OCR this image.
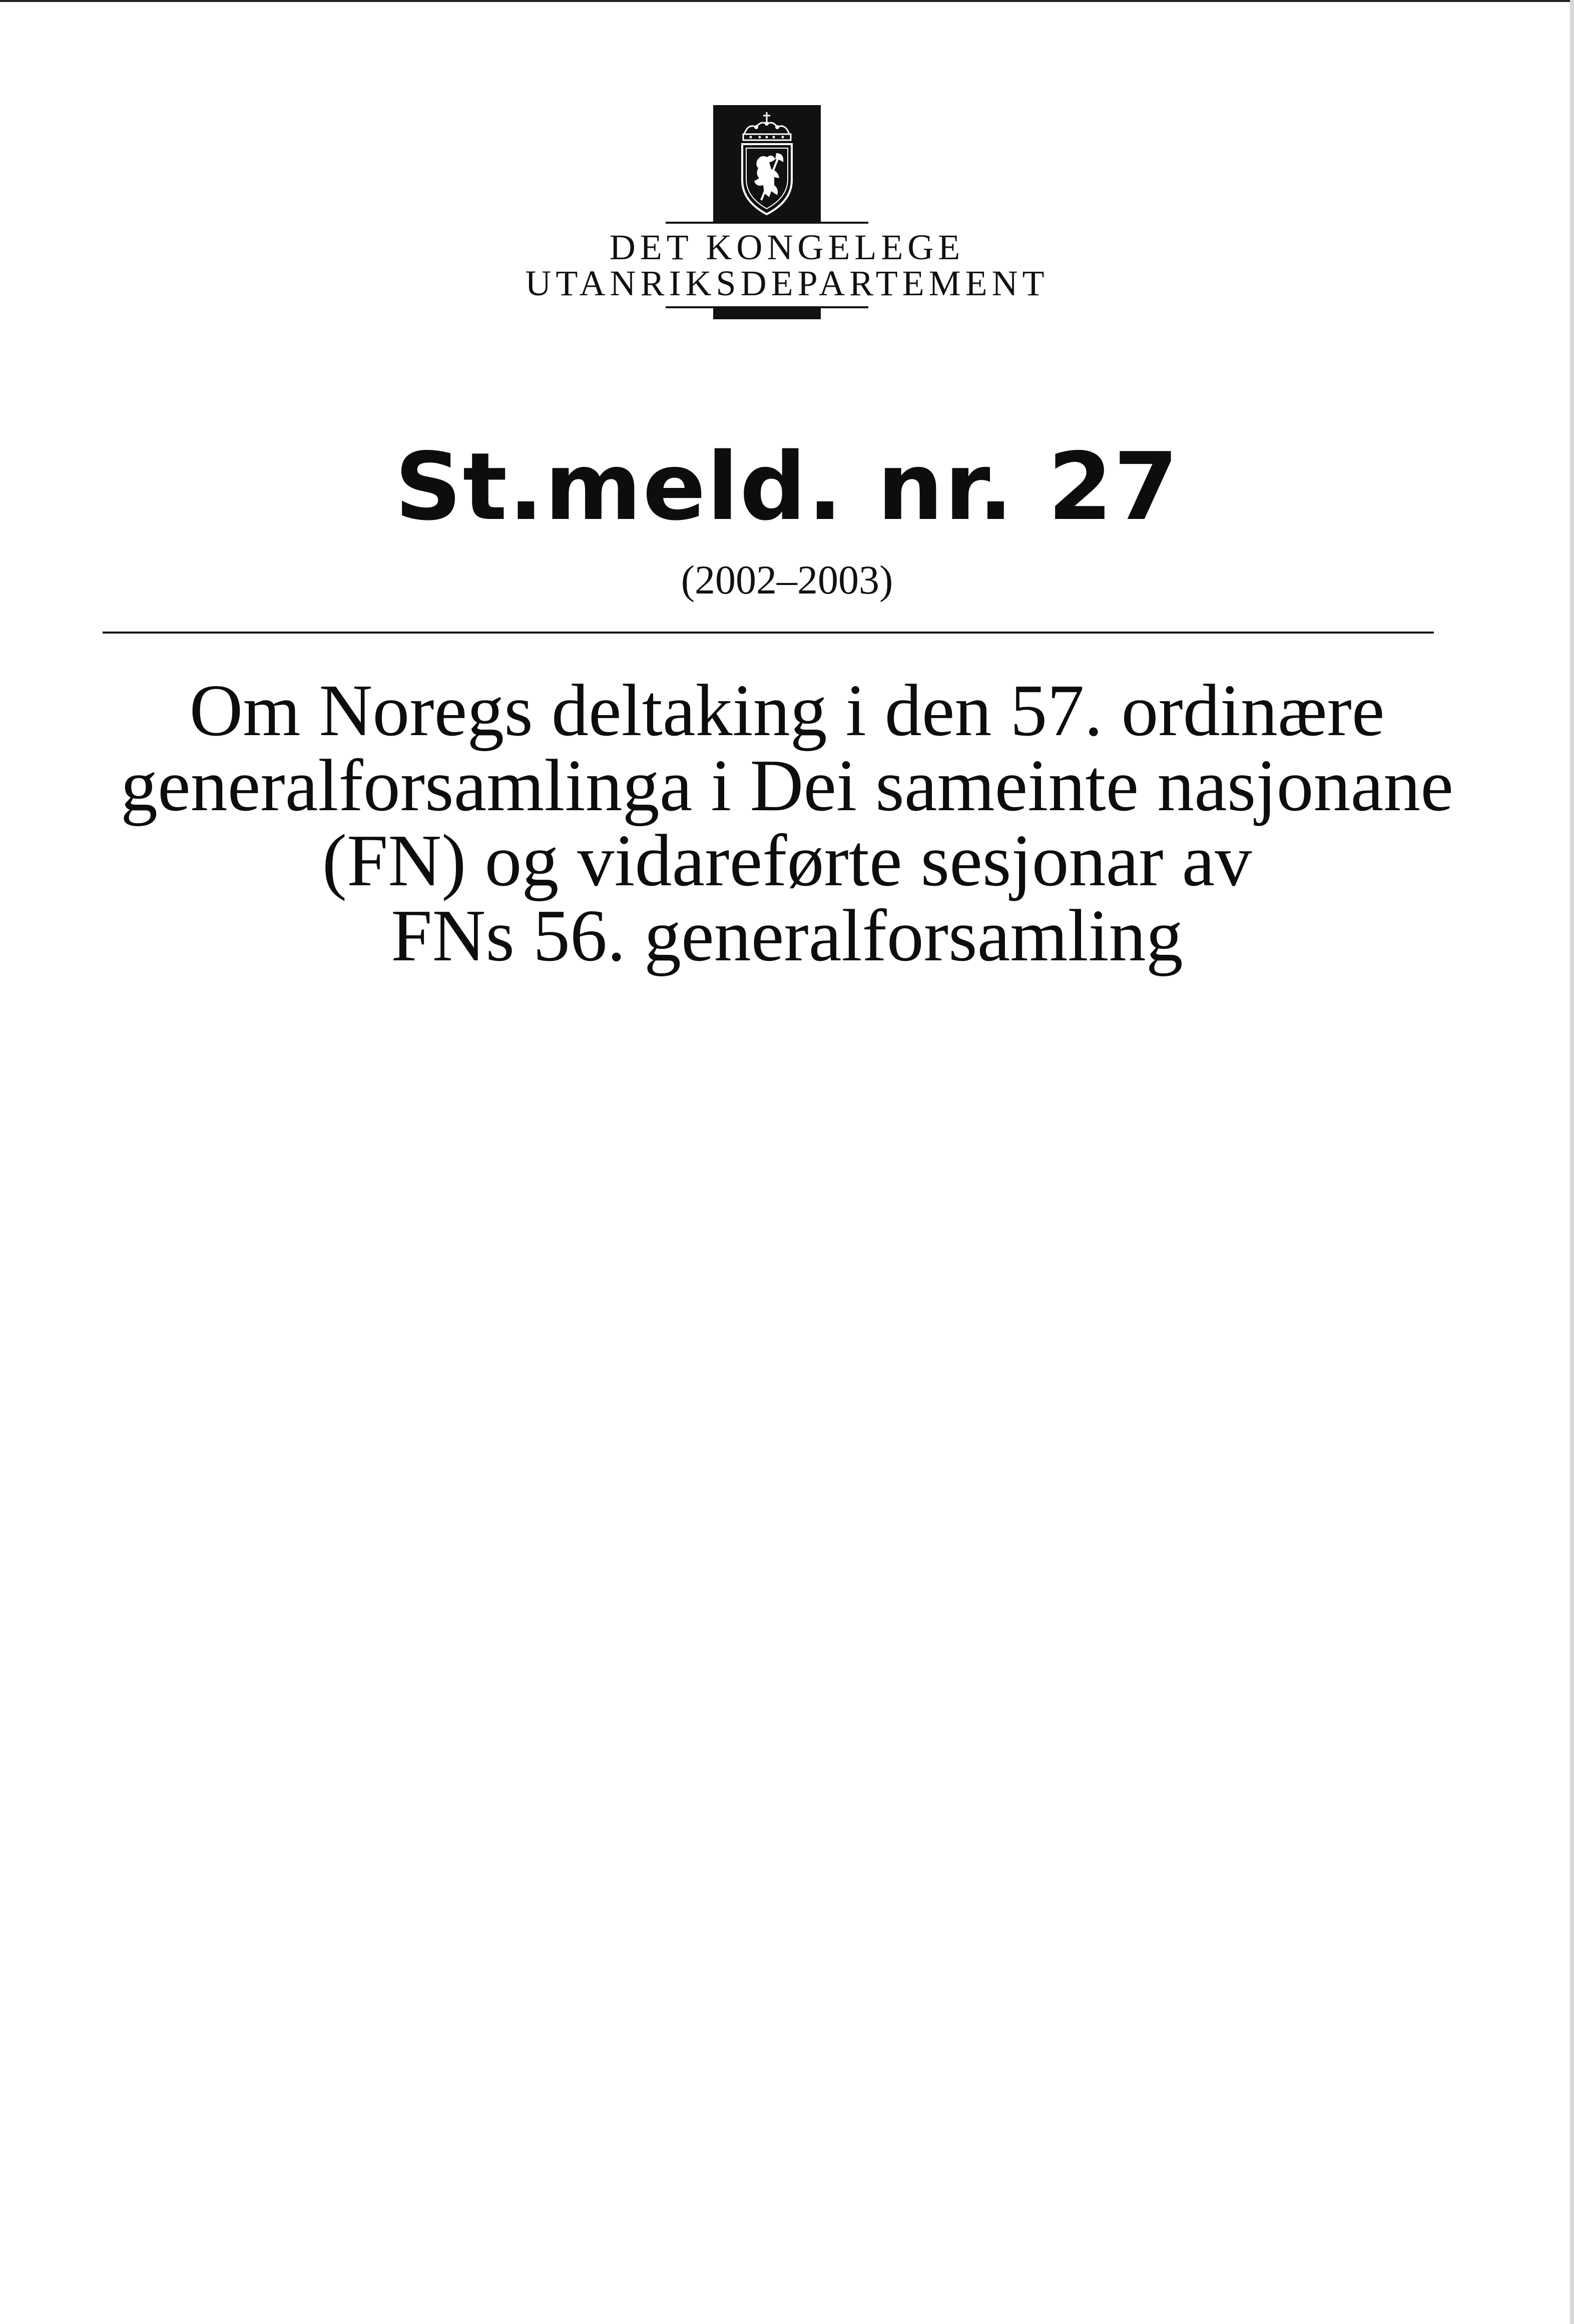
DET KONGELEGE
UTANRIKSDEPARTEMENT
St.meld. nr. 27
(2002–2003)
Om Noregs deltaking i den 57. ordinære
generalforsamlinga i Dei sameinte nasjonane
(FN) og vidareførte sesjonar av
FNs 56. generalforsamling
